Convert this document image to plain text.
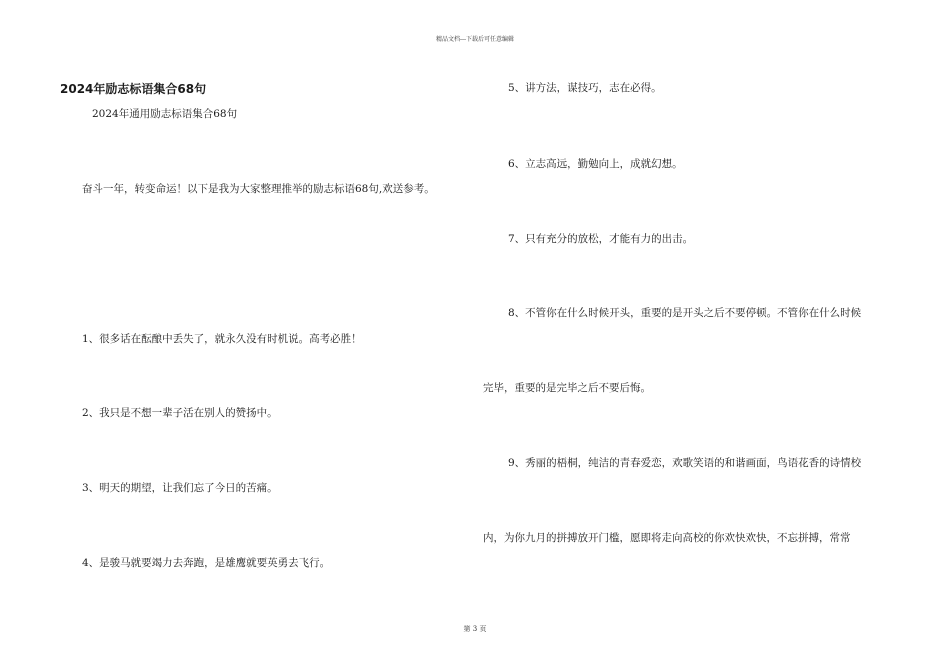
精品文档---下载后可任意编辑
2024年励志标语集合68句
2024年通用励志标语集合68句
奋斗一年，转变命运！以下是我为大家整理推举的励志标语68句,欢送参考。
1、很多话在酝酿中丢失了，就永久没有时机说。高考必胜！
2、我只是不想一辈子活在别人的赞扬中。
3、明天的期望，让我们忘了今日的苦痛。
4、是骏马就要竭力去奔跑，是雄鹰就要英勇去飞行。
5、讲方法，谋技巧，志在必得。
6、立志高远，勤勉向上，成就幻想。
7、只有充分的放松，才能有力的出击。
8、不管你在什么时候开头，重要的是开头之后不要停顿。不管你在什么时候
完毕，重要的是完毕之后不要后悔。
9、秀丽的梧桐，纯洁的青春爱恋，欢歌笑语的和谐画面，鸟语花香的诗情校
内，为你九月的拼搏放开门槛，愿即将走向高校的你欢快欢快，不忘拼搏，常常
第 3 页
